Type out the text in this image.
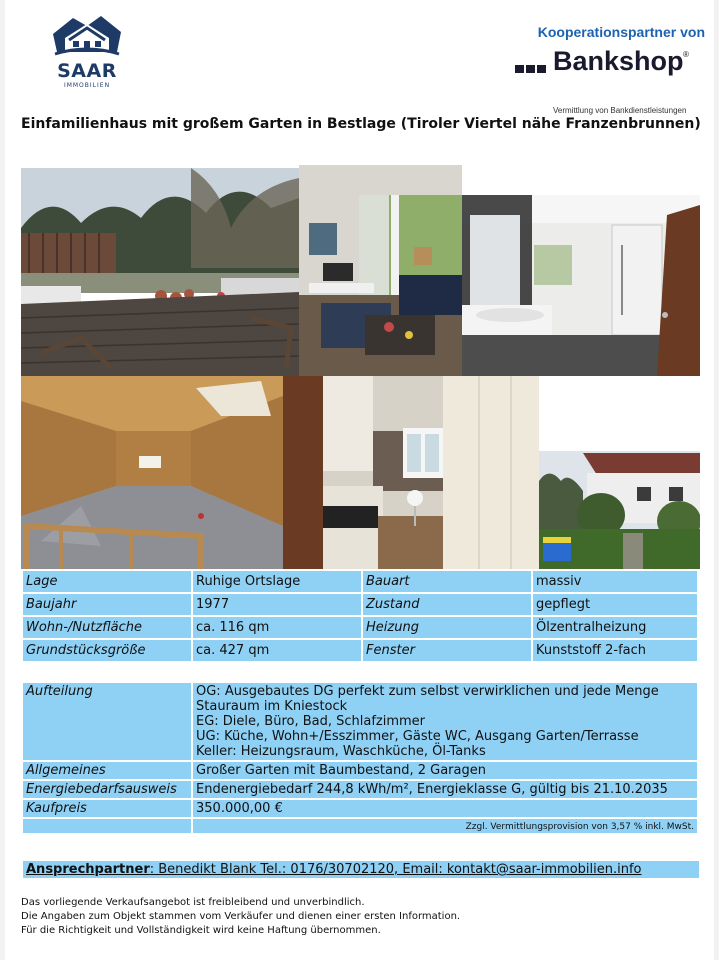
SAAR
IMMOBILIEN
Kooperationspartner von
Bankshop ®
Vermittlung von Bankdienstleistungen
Einfamilienhaus mit großem Garten in Bestlage (Tiroler Viertel nähe Franzenbrunnen)
Lage	Ruhige Ortslage	Bauart	massiv
Baujahr	1977	Zustand	gepflegt
Wohn-/Nutzfläche	ca. 116 qm	Heizung	Ölzentralheizung
Grundstücksgröße	ca. 427 qm	Fenster	Kunststoff 2-fach
Aufteilung	OG: Ausgebautes DG perfekt zum selbst verwirklichen und jede Menge
Stauraum im Kniestock
EG: Diele, Büro, Bad, Schlafzimmer
UG: Küche, Wohn+/Esszimmer, Gäste WC, Ausgang Garten/Terrasse
Keller: Heizungsraum, Waschküche, Öl-Tanks

Allgemeines	Großer Garten mit Baumbestand, 2 Garagen
Energiebedarfsausweis	Endenergiebedarf 244,8 kWh/m², Energieklasse G, gültig bis 21.10.2035
Kaufpreis	350.000,00 €
	Zzgl. Vermittlungsprovision von 3,57 % inkl. MwSt.
Ansprechpartner: Benedikt Blank Tel.: 0176/30702120, Email: kontakt@saar-immobilien.info
Das vorliegende Verkaufsangebot ist freibleibend und unverbindlich.
Die Angaben zum Objekt stammen vom Verkäufer und dienen einer ersten Information.
Für die Richtigkeit und Vollständigkeit wird keine Haftung übernommen.
